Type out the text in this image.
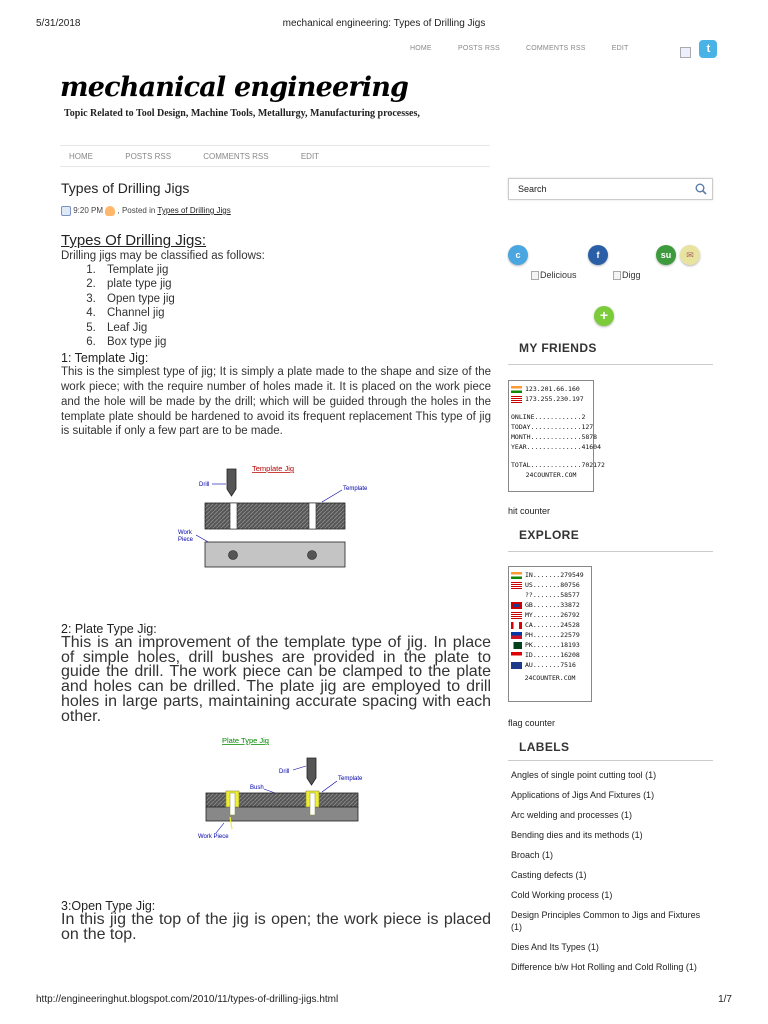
5/31/2018	mechanical engineering: Types of Drilling Jigs
HOME	POSTS RSS	COMMENTS RSS	EDIT	t
mechanical engineering
Topic Related to Tool Design, Machine Tools, Metallurgy, Manufacturing processes,
HOME	POSTS RSS	COMMENTS RSS	EDIT
Types of Drilling Jigs
9:20 PM , Posted in Types of Drilling Jigs
Types Of Drilling Jigs:
Drilling jigs may be classified as follows:
1. Template jig
2. plate type jig
3. Open type jig
4. Channel jig
5. Leaf Jig
6. Box type jig
1: Template Jig:
This is the simplest type of jig; It is simply a plate made to the shape and size of the work piece; with the require number of holes made it. It is placed on the work piece and the hole will be made by the drill; which will be guided through the holes in the template plate should be hardened to avoid its frequent replacement This type of jig is suitable if only a few part are to be made.
Template Jig
Drill
Template
Work
Piece
2: Plate Type Jig:
This is an improvement of the template type of jig. In place of simple holes, drill bushes are provided in the plate to guide the drill. The work piece can be clamped to the plate and holes can be drilled. The plate jig are employed to drill holes in large parts, maintaining accurate spacing with each other.
Plate Type Jig
Drill
Template
Bush
Work Piece
3:Open Type Jig:
In this jig the top of the jig is open; the work piece is placed on the top.
Search
c	f	su	✉
Delicious	Digg
+
MY FRIENDS
123.201.66.160
173.255.230.197
ONLINE............2
TODAY.............127
MONTH.............5878
YEAR..............41604
TOTAL.............702172
24COUNTER.COM
hit counter
EXPLORE
IN.......279549
US.......80756
??.......58577
GB.......33872
MY.......26792
CA.......24528
PH.......22579
PK.......18193
ID.......16208
AU.......7516
24COUNTER.COM
flag counter
LABELS
Angles of single point cutting tool (1)
Applications of Jigs And Fixtures (1)
Arc welding and processes (1)
Bending dies and its methods (1)
Broach (1)
Casting defects (1)
Cold Working process (1)
Design Principles Common to Jigs and Fixtures (1)
Dies And Its Types (1)
Difference b/w Hot Rolling and Cold Rolling (1)
http://engineeringhut.blogspot.com/2010/11/types-of-drilling-jigs.html	1/7
